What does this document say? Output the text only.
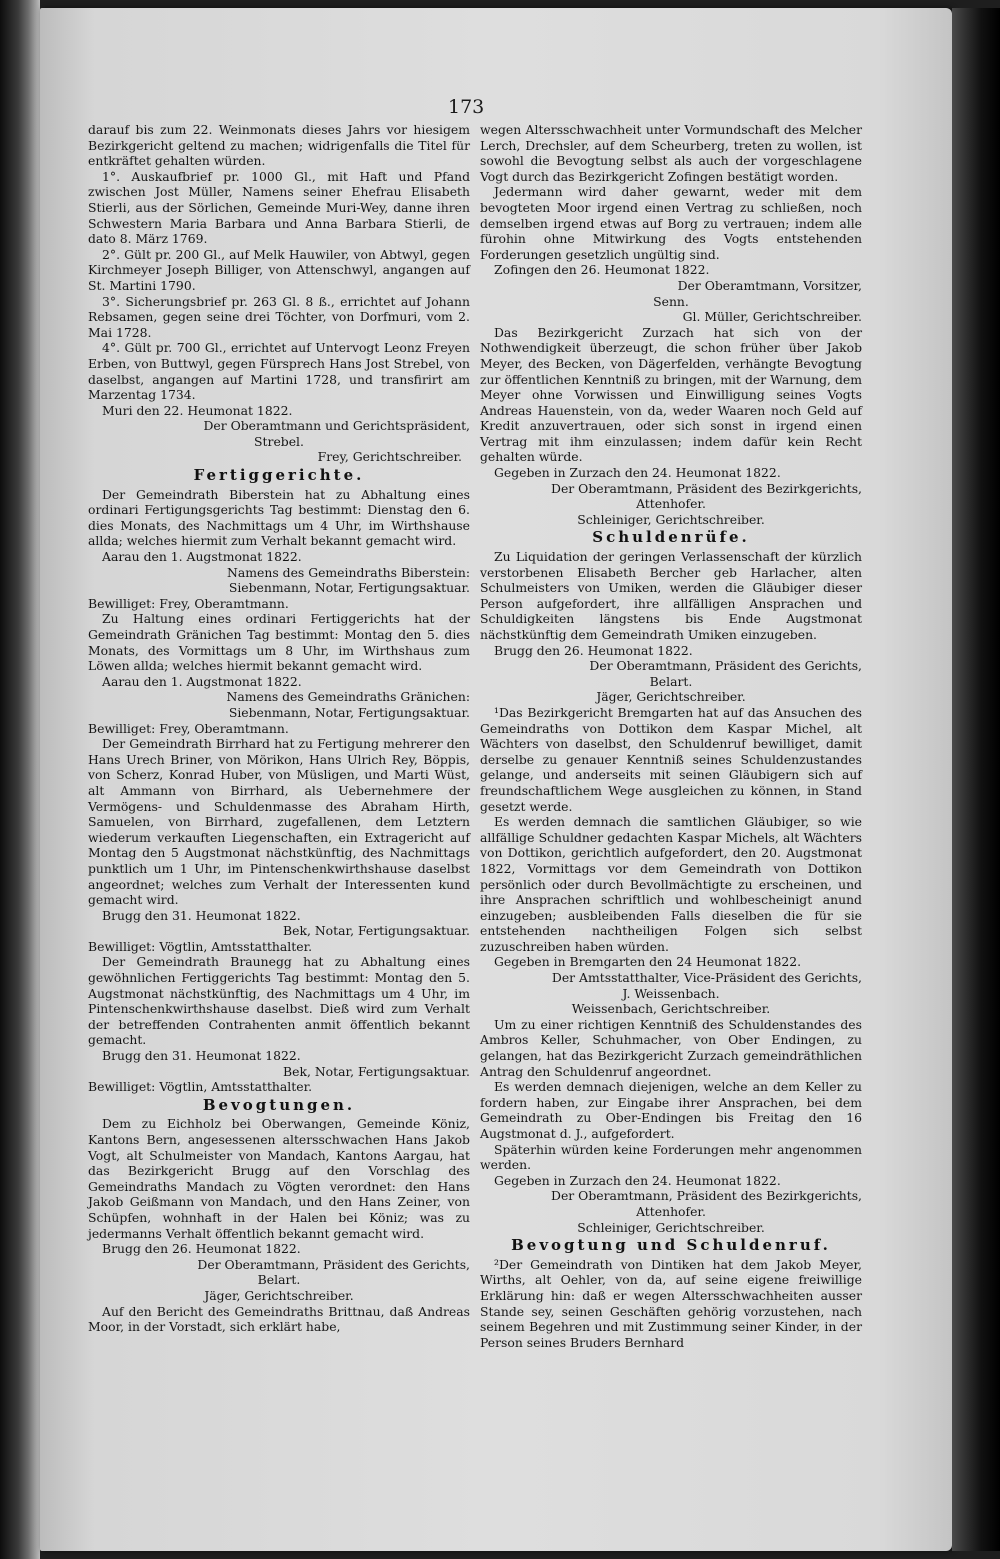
173

darauf bis zum 22. Weinmonats dieses Jahrs vor hiesigem Bezirkgericht geltend zu machen; widrigenfalls die Titel für entkräftet gehalten würden.

1°. Auskaufbrief pr. 1000 Gl., mit Haft und Pfand zwischen Jost Müller, Namens seiner Ehefrau Elisabeth Stierli, aus der Sörlichen, Gemeinde Muri-Wey, danne ihren Schwestern Maria Barbara und Anna Barbara Stierli, de dato 8. März 1769.

2°. Gült pr. 200 Gl., auf Melk Hauwiler, von Abtwyl, gegen Kirchmeyer Joseph Billiger, von Attenschwyl, angangen auf St. Martini 1790.

3°. Sicherungsbrief pr. 263 Gl. 8 ß., errichtet auf Johann Rebsamen, gegen seine drei Töchter, von Dorfmuri, vom 2. Mai 1728.

4°. Gült pr. 700 Gl., errichtet auf Untervogt Leonz Freyen Erben, von Buttwyl, gegen Fürsprech Hans Jost Strebel, von daselbst, angangen auf Martini 1728, und transfirirt am Marzentag 1734.

Muri den 22. Heumonat 1822.

Der Oberamtmann und Gerichtspräsident,

Strebel.

Frey, Gerichtschreiber.

Fertiggerichte.

Der Gemeindrath Biberstein hat zu Abhaltung eines ordinari Fertigungsgerichts Tag bestimmt: Dienstag den 6. dies Monats, des Nachmittags um 4 Uhr, im Wirthshause allda; welches hiermit zum Verhalt bekannt gemacht wird.

Aarau den 1. Augstmonat 1822.

Namens des Gemeindraths Biberstein:

Siebenmann, Notar, Fertigungsaktuar.

Bewilliget: Frey, Oberamtmann.

Zu Haltung eines ordinari Fertiggerichts hat der Gemeindrath Gränichen Tag bestimmt: Montag den 5. dies Monats, des Vormittags um 8 Uhr, im Wirthshaus zum Löwen allda; welches hiermit bekannt gemacht wird.

Aarau den 1. Augstmonat 1822.

Namens des Gemeindraths Gränichen:

Siebenmann, Notar, Fertigungsaktuar.

Bewilliget: Frey, Oberamtmann.

Der Gemeindrath Birrhard hat zu Fertigung mehrerer den Hans Urech Briner, von Mörikon, Hans Ulrich Rey, Böppis, von Scherz, Konrad Huber, von Müsligen, und Marti Wüst, alt Ammann von Birrhard, als Uebernehmere der Vermögens- und Schuldenmasse des Abraham Hirth, Samuelen, von Birrhard, zugefallenen, dem Letztern wiederum verkauften Liegenschaften, ein Extragericht auf Montag den 5 Augstmonat nächstkünftig, des Nachmittags punktlich um 1 Uhr, im Pintenschenkwirthshause daselbst angeordnet; welches zum Verhalt der Interessenten kund gemacht wird.

Brugg den 31. Heumonat 1822.

Bek, Notar, Fertigungsaktuar.

Bewilliget: Vögtlin, Amtsstatthalter.

Der Gemeindrath Braunegg hat zu Abhaltung eines gewöhnlichen Fertiggerichts Tag bestimmt: Montag den 5. Augstmonat nächstkünftig, des Nachmittags um 4 Uhr, im Pintenschenkwirthshause daselbst. Dieß wird zum Verhalt der betreffenden Contrahenten anmit öffentlich bekannt gemacht.

Brugg den 31. Heumonat 1822.

Bek, Notar, Fertigungsaktuar.

Bewilliget: Vögtlin, Amtsstatthalter.

Bevogtungen.

Dem zu Eichholz bei Oberwangen, Gemeinde Köniz, Kantons Bern, angesessenen altersschwachen Hans Jakob Vogt, alt Schulmeister von Mandach, Kantons Aargau, hat das Bezirkgericht Brugg auf den Vorschlag des Gemeindraths Mandach zu Vögten verordnet: den Hans Jakob Geißmann von Mandach, und den Hans Zeiner, von Schüpfen, wohnhaft in der Halen bei Köniz; was zu jedermanns Verhalt öffentlich bekannt gemacht wird.

Brugg den 26. Heumonat 1822.

Der Oberamtmann, Präsident des Gerichts,

Belart.

Jäger, Gerichtschreiber.

Auf den Bericht des Gemeindraths Brittnau, daß Andreas Moor, in der Vorstadt, sich erklärt habe,

wegen Altersschwachheit unter Vormundschaft des Melcher Lerch, Drechsler, auf dem Scheurberg, treten zu wollen, ist sowohl die Bevogtung selbst als auch der vorgeschlagene Vogt durch das Bezirkgericht Zofingen bestätigt worden.

Jedermann wird daher gewarnt, weder mit dem bevogteten Moor irgend einen Vertrag zu schließen, noch demselben irgend etwas auf Borg zu vertrauen; indem alle fürohin ohne Mitwirkung des Vogts entstehenden Forderungen gesetzlich ungültig sind.

Zofingen den 26. Heumonat 1822.

Der Oberamtmann, Vorsitzer,

Senn.

Gl. Müller, Gerichtschreiber.

Das Bezirkgericht Zurzach hat sich von der Nothwendigkeit überzeugt, die schon früher über Jakob Meyer, des Becken, von Dägerfelden, verhängte Bevogtung zur öffentlichen Kenntniß zu bringen, mit der Warnung, dem Meyer ohne Vorwissen und Einwilligung seines Vogts Andreas Hauenstein, von da, weder Waaren noch Geld auf Kredit anzuvertrauen, oder sich sonst in irgend einen Vertrag mit ihm einzulassen; indem dafür kein Recht gehalten würde.

Gegeben in Zurzach den 24. Heumonat 1822.

Der Oberamtmann, Präsident des Bezirkgerichts,

Attenhofer.

Schleiniger, Gerichtschreiber.

Schuldenrüfe.

Zu Liquidation der geringen Verlassenschaft der kürzlich verstorbenen Elisabeth Bercher geb Harlacher, alten Schulmeisters von Umiken, werden die Gläubiger dieser Person aufgefordert, ihre allfälligen Ansprachen und Schuldigkeiten längstens bis Ende Augstmonat nächstkünftig dem Gemeindrath Umiken einzugeben.

Brugg den 26. Heumonat 1822.

Der Oberamtmann, Präsident des Gerichts,

Belart.

Jäger, Gerichtschreiber.

¹Das Bezirkgericht Bremgarten hat auf das Ansuchen des Gemeindraths von Dottikon dem Kaspar Michel, alt Wächters von daselbst, den Schuldenruf bewilliget, damit derselbe zu genauer Kenntniß seines Schuldenzustandes gelange, und anderseits mit seinen Gläubigern sich auf freundschaftlichem Wege ausgleichen zu können, in Stand gesetzt werde.

Es werden demnach die samtlichen Gläubiger, so wie allfällige Schuldner gedachten Kaspar Michels, alt Wächters von Dottikon, gerichtlich aufgefordert, den 20. Augstmonat 1822, Vormittags vor dem Gemeindrath von Dottikon persönlich oder durch Bevollmächtigte zu erscheinen, und ihre Ansprachen schriftlich und wohlbescheinigt anund einzugeben; ausbleibenden Falls dieselben die für sie entstehenden nachtheiligen Folgen sich selbst zuzuschreiben haben würden.

Gegeben in Bremgarten den 24 Heumonat 1822.

Der Amtsstatthalter, Vice-Präsident des Gerichts,

J. Weissenbach.

Weissenbach, Gerichtschreiber.

Um zu einer richtigen Kenntniß des Schuldenstandes des Ambros Keller, Schuhmacher, von Ober Endingen, zu gelangen, hat das Bezirkgericht Zurzach gemeindräthlichen Antrag den Schuldenruf angeordnet.

Es werden demnach diejenigen, welche an dem Keller zu fordern haben, zur Eingabe ihrer Ansprachen, bei dem Gemeindrath zu Ober-Endingen bis Freitag den 16 Augstmonat d. J., aufgefordert.

Späterhin würden keine Forderungen mehr angenommen werden.

Gegeben in Zurzach den 24. Heumonat 1822.

Der Oberamtmann, Präsident des Bezirkgerichts,

Attenhofer.

Schleiniger, Gerichtschreiber.

Bevogtung und Schuldenruf.

²Der Gemeindrath von Dintiken hat dem Jakob Meyer, Wirths, alt Oehler, von da, auf seine eigene freiwillige Erklärung hin: daß er wegen Altersschwachheiten ausser Stande sey, seinen Geschäften gehörig vorzustehen, nach seinem Begehren und mit Zustimmung seiner Kinder, in der Person seines Bruders Bernhard
